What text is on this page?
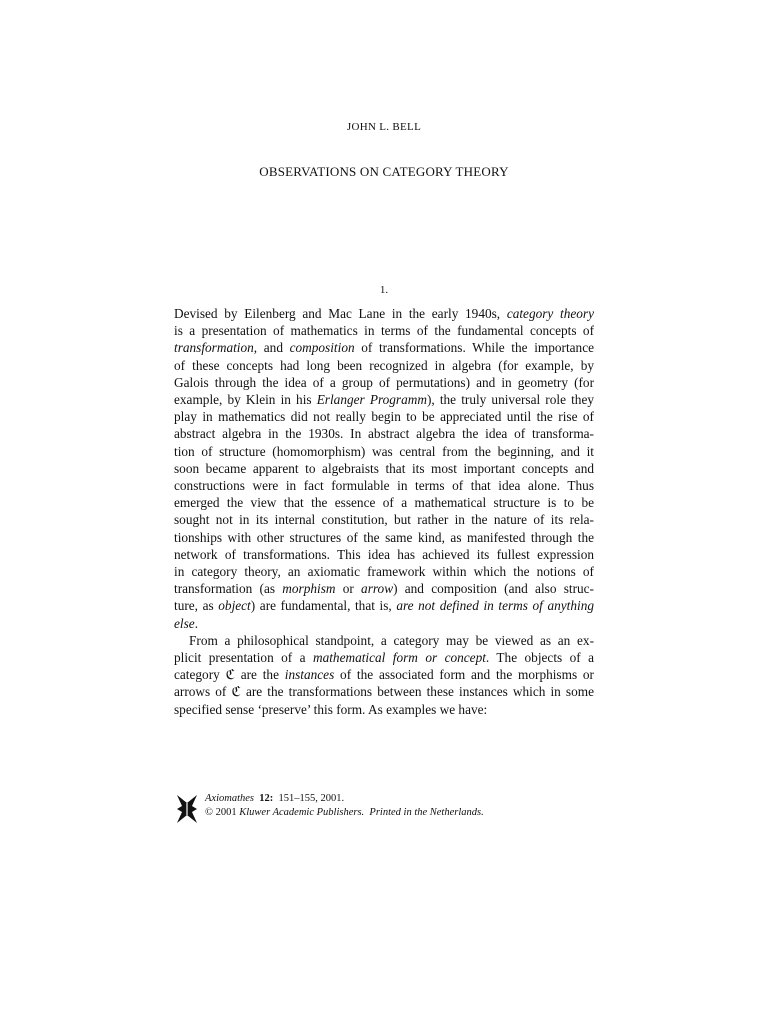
JOHN L. BELL
OBSERVATIONS ON CATEGORY THEORY
1.
Devised by Eilenberg and Mac Lane in the early 1940s, category theory
is a presentation of mathematics in terms of the fundamental concepts of
transformation, and composition of transformations. While the importance
of these concepts had long been recognized in algebra (for example, by
Galois through the idea of a group of permutations) and in geometry (for
example, by Klein in his Erlanger Programm), the truly universal role they
play in mathematics did not really begin to be appreciated until the rise of
abstract algebra in the 1930s. In abstract algebra the idea of transforma-
tion of structure (homomorphism) was central from the beginning, and it
soon became apparent to algebraists that its most important concepts and
constructions were in fact formulable in terms of that idea alone. Thus
emerged the view that the essence of a mathematical structure is to be
sought not in its internal constitution, but rather in the nature of its rela-
tionships with other structures of the same kind, as manifested through the
network of transformations. This idea has achieved its fullest expression
in category theory, an axiomatic framework within which the notions of
transformation (as morphism or arrow) and composition (and also struc-
ture, as object) are fundamental, that is, are not defined in terms of anything
else.
From a philosophical standpoint, a category may be viewed as an ex-
plicit presentation of a mathematical form or concept. The objects of a
category ℭ are the instances of the associated form and the morphisms or
arrows of ℭ are the transformations between these instances which in some
specified sense ‘preserve’ this form. As examples we have:
Axiomathes 12: 151–155, 2001.
© 2001 Kluwer Academic Publishers. Printed in the Netherlands.
